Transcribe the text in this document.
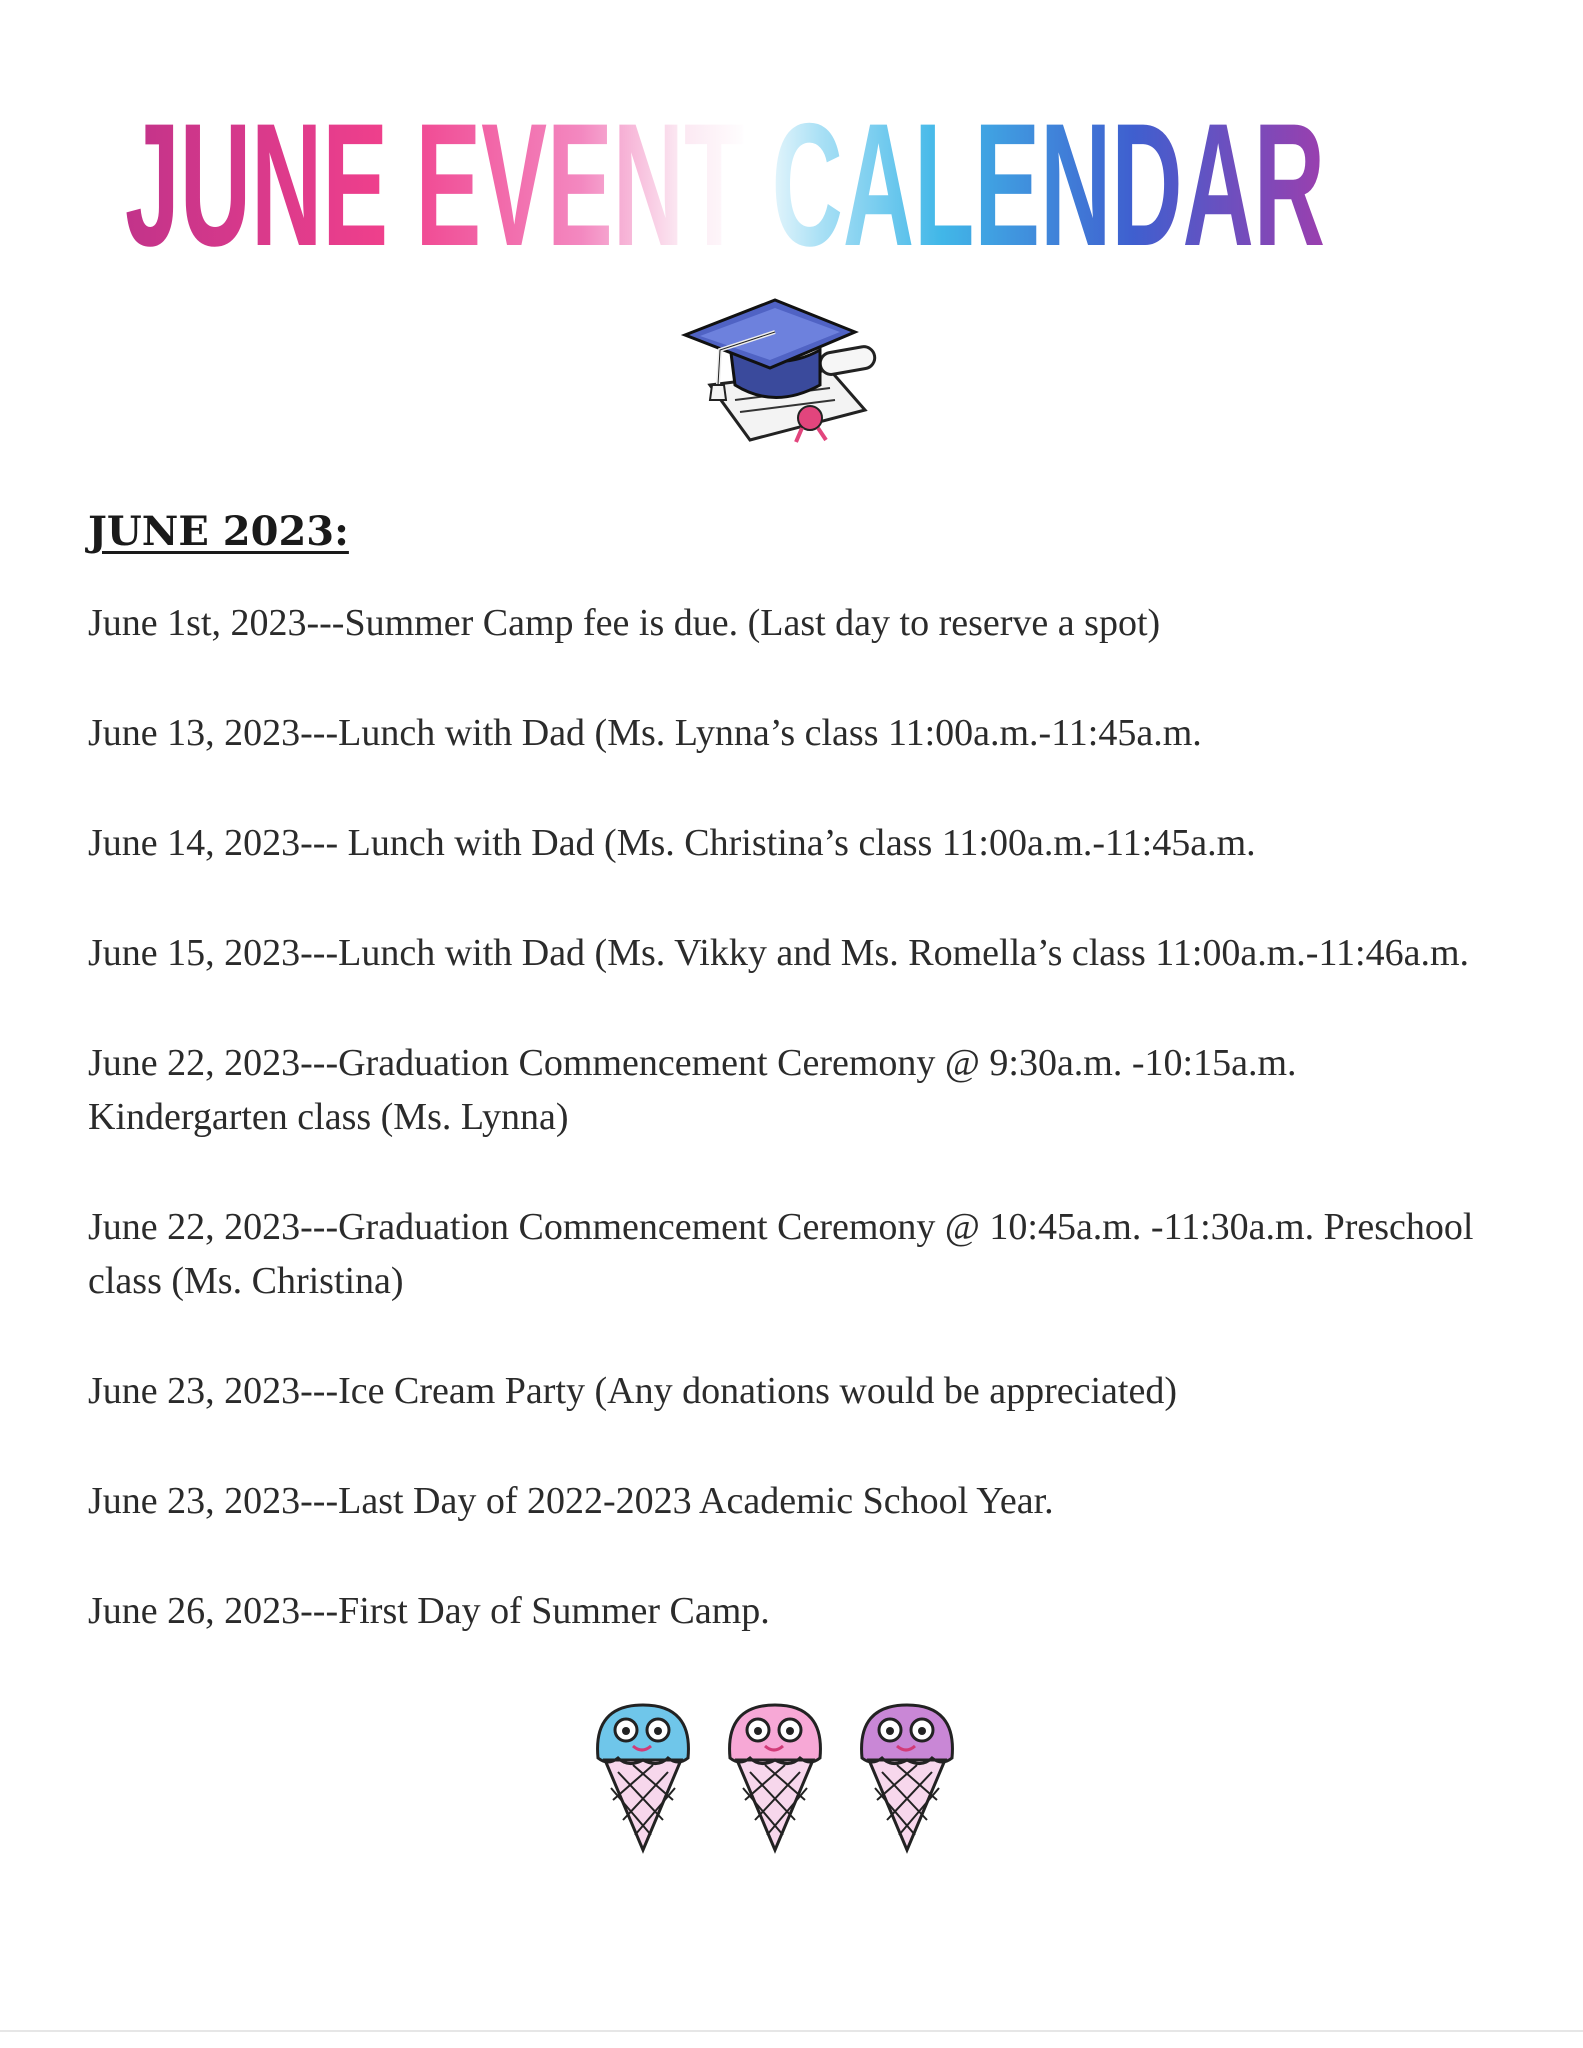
JUNE EVENT CALENDAR
JUNE 2023:
June 1st, 2023---Summer Camp fee is due. (Last day to reserve a spot)
June 13, 2023---Lunch with Dad (Ms. Lynna’s class 11:00a.m.-11:45a.m.
June 14, 2023--- Lunch with Dad (Ms. Christina’s class 11:00a.m.-11:45a.m.
June 15, 2023---Lunch with Dad (Ms. Vikky and Ms. Romella’s class 11:00a.m.-11:46a.m.
June 22, 2023---Graduation Commencement Ceremony @ 9:30a.m. -10:15a.m. Kindergarten class (Ms. Lynna)
June 22, 2023---Graduation Commencement Ceremony @ 10:45a.m. -11:30a.m. Preschool class (Ms. Christina)
June 23, 2023---Ice Cream Party (Any donations would be appreciated)
June 23, 2023---Last Day of 2022-2023 Academic School Year.
June 26, 2023---First Day of Summer Camp.
